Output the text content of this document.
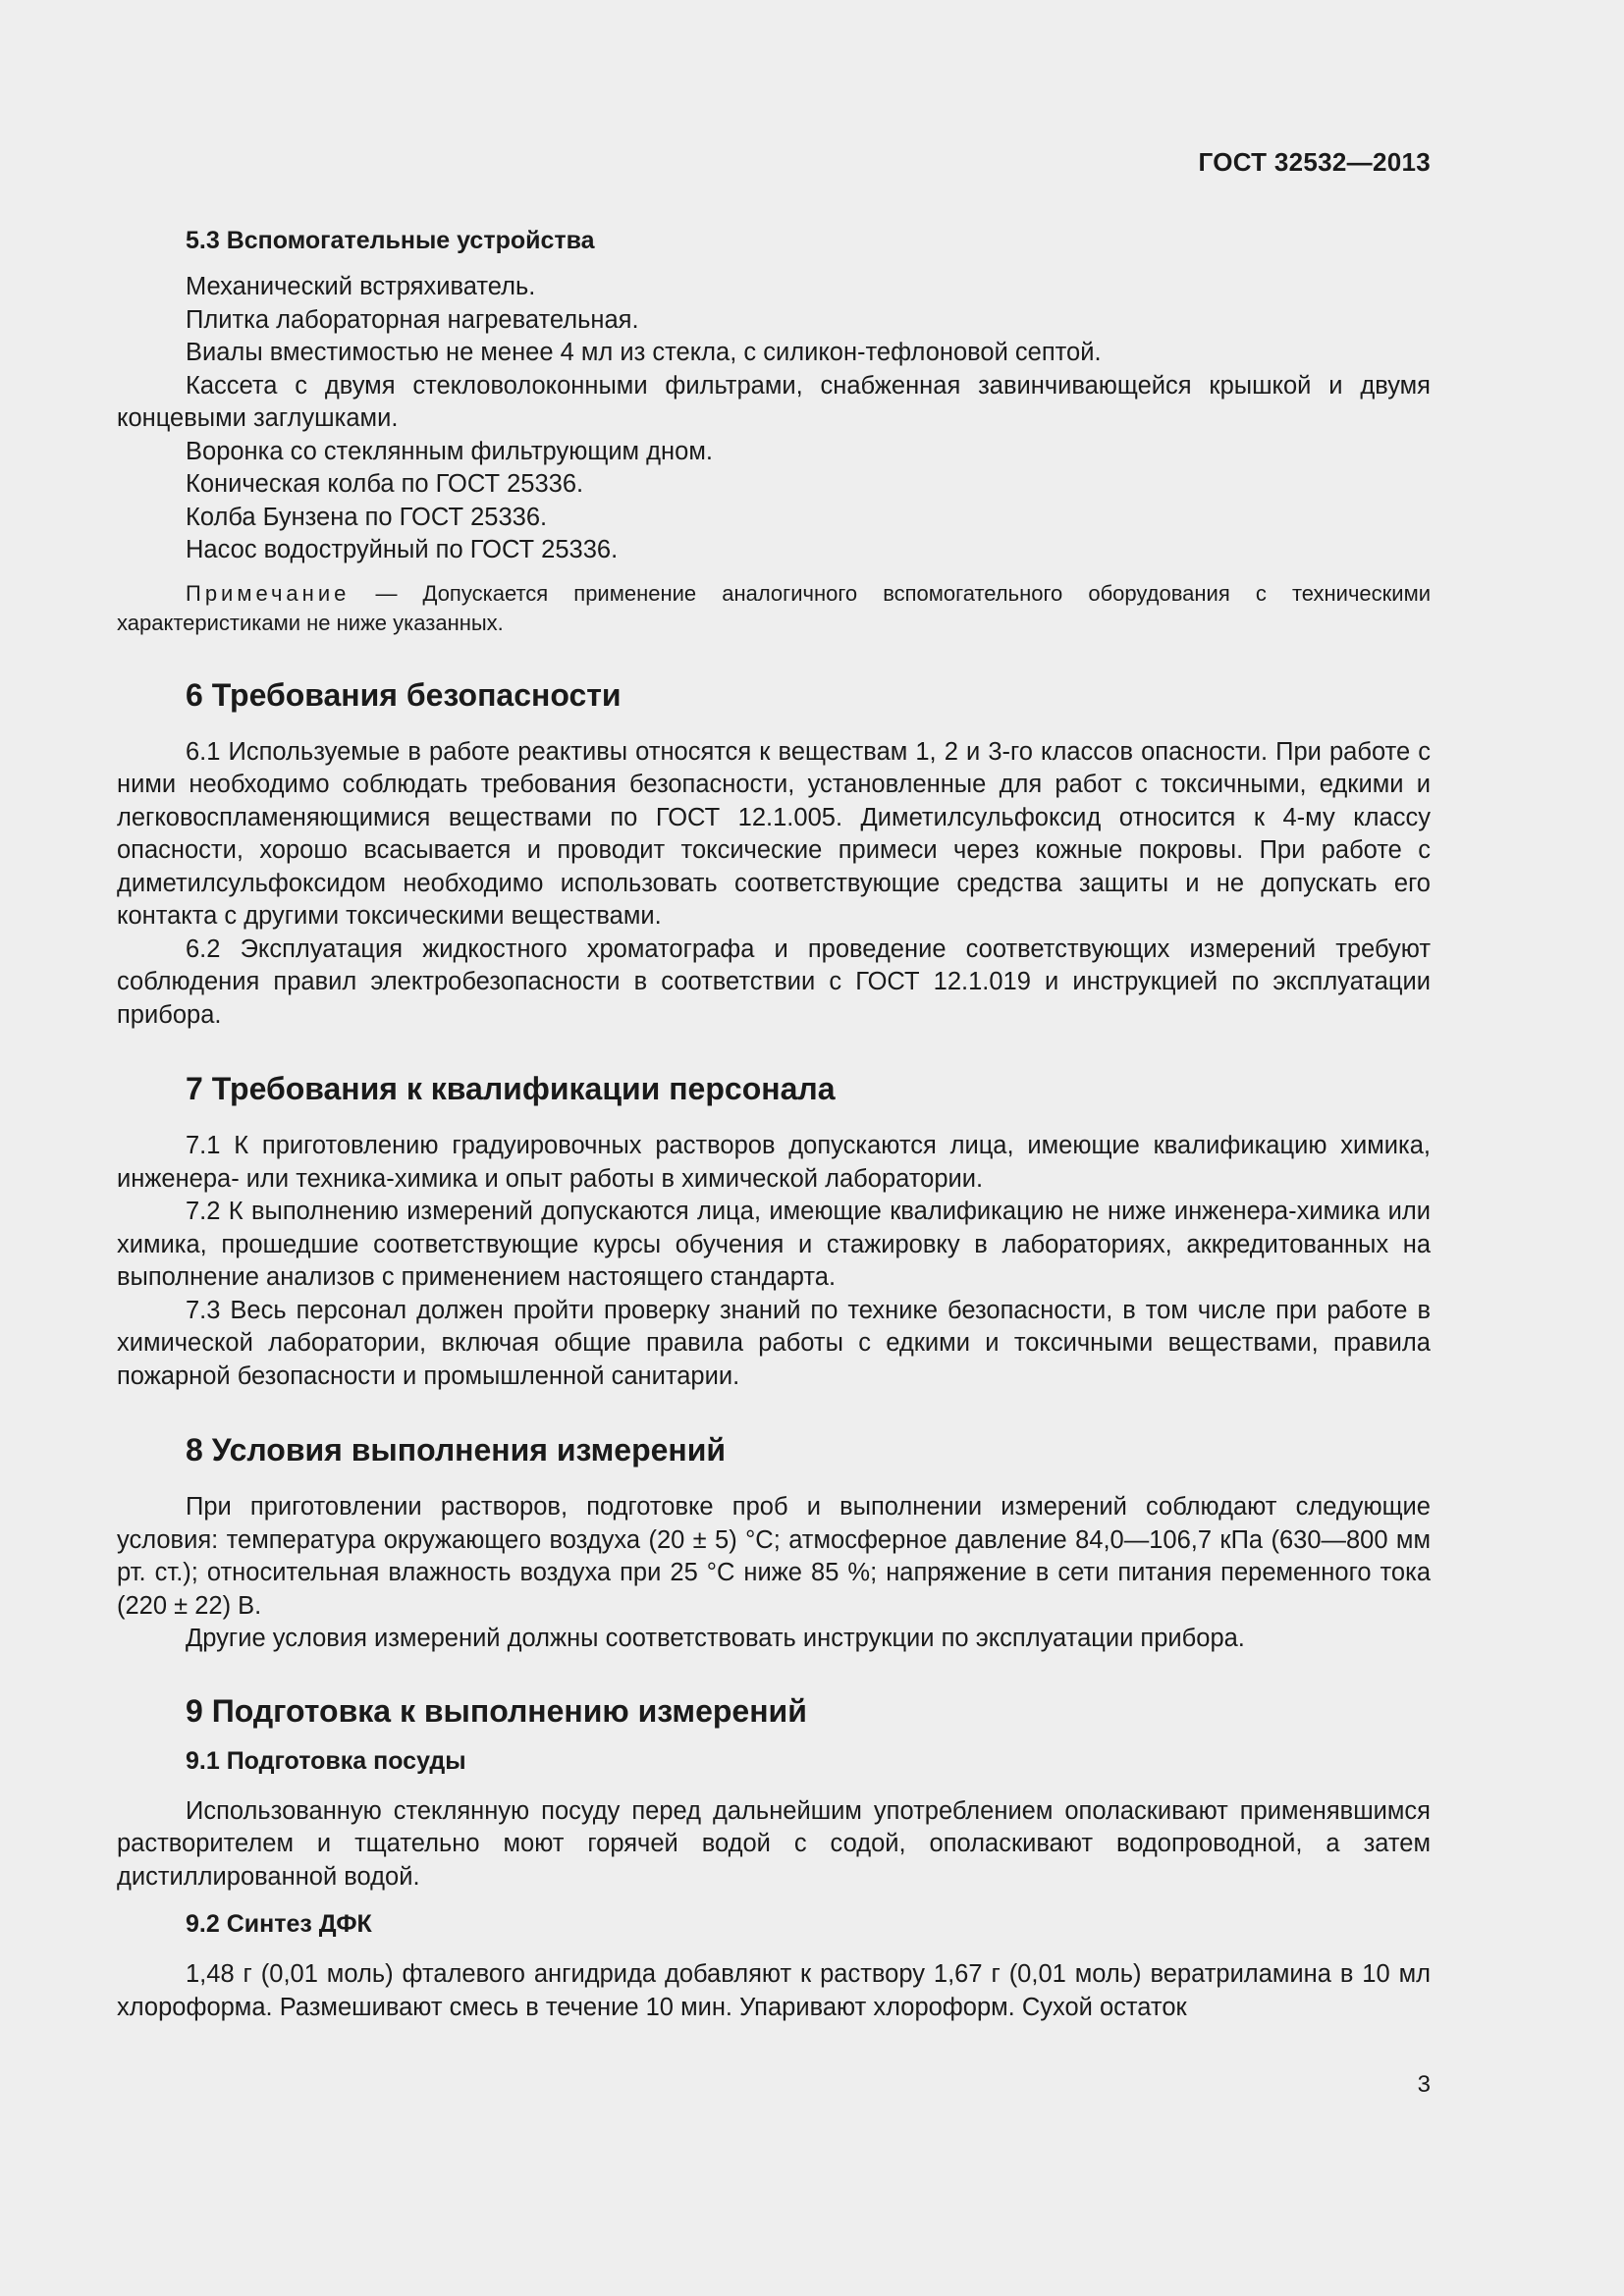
ГОСТ 32532—2013
5.3 Вспомогательные устройства

Механический встряхиватель.

Плитка лабораторная нагревательная.

Виалы вместимостью не менее 4 мл из стекла, с силикон-тефлоновой септой.

Кассета с двумя стекловолоконными фильтрами, снабженная завинчивающейся крышкой и двумя концевыми заглушками.

Воронка со стеклянным фильтрующим дном.

Коническая колба по ГОСТ 25336.

Колба Бунзена по ГОСТ 25336.

Насос водоструйный по ГОСТ 25336.

Примечание — Допускается применение аналогичного вспомогательного оборудования с техническими характеристиками не ниже указанных.
6 Требования безопасности

6.1 Используемые в работе реактивы относятся к веществам 1, 2 и 3-го классов опасности. При работе с ними необходимо соблюдать требования безопасности, установленные для работ с токсичными, едкими и легковоспламеняющимися веществами по ГОСТ 12.1.005. Диметилсульфоксид относится к 4-му классу опасности, хорошо всасывается и проводит токсические примеси через кожные покровы. При работе с диметилсульфоксидом необходимо использовать соответствующие средства защиты и не допускать его контакта с другими токсическими веществами.

6.2 Эксплуатация жидкостного хроматографа и проведение соответствующих измерений требуют соблюдения правил электробезопасности в соответствии с ГОСТ 12.1.019 и инструкцией по эксплуатации прибора.

7 Требования к квалификации персонала

7.1 К приготовлению градуировочных растворов допускаются лица, имеющие квалификацию химика, инженера- или техника-химика и опыт работы в химической лаборатории.

7.2 К выполнению измерений допускаются лица, имеющие квалификацию не ниже инженера-химика или химика, прошедшие соответствующие курсы обучения и стажировку в лабораториях, аккредитованных на выполнение анализов с применением настоящего стандарта.

7.3 Весь персонал должен пройти проверку знаний по технике безопасности, в том числе при работе в химической лаборатории, включая общие правила работы с едкими и токсичными веществами, правила пожарной безопасности и промышленной санитарии.

8 Условия выполнения измерений

При приготовлении растворов, подготовке проб и выполнении измерений соблюдают следующие условия: температура окружающего воздуха (20 ± 5) °C; атмосферное давление 84,0—106,7 кПа (630—800 мм рт. ст.); относительная влажность воздуха при 25 °C ниже 85 %; напряжение в сети питания переменного тока (220 ± 22) В.

Другие условия измерений должны соответствовать инструкции по эксплуатации прибора.

9 Подготовка к выполнению измерений
9.1 Подготовка посуды

Использованную стеклянную посуду перед дальнейшим употреблением ополаскивают применявшимся растворителем и тщательно моют горячей водой с содой, ополаскивают водопроводной, а затем дистиллированной водой.

9.2 Синтез ДФК

1,48 г (0,01 моль) фталевого ангидрида добавляют к раствору 1,67 г (0,01 моль) вератриламина в 10 мл хлороформа. Размешивают смесь в течение 10 мин. Упаривают хлороформ. Сухой остаток

3
